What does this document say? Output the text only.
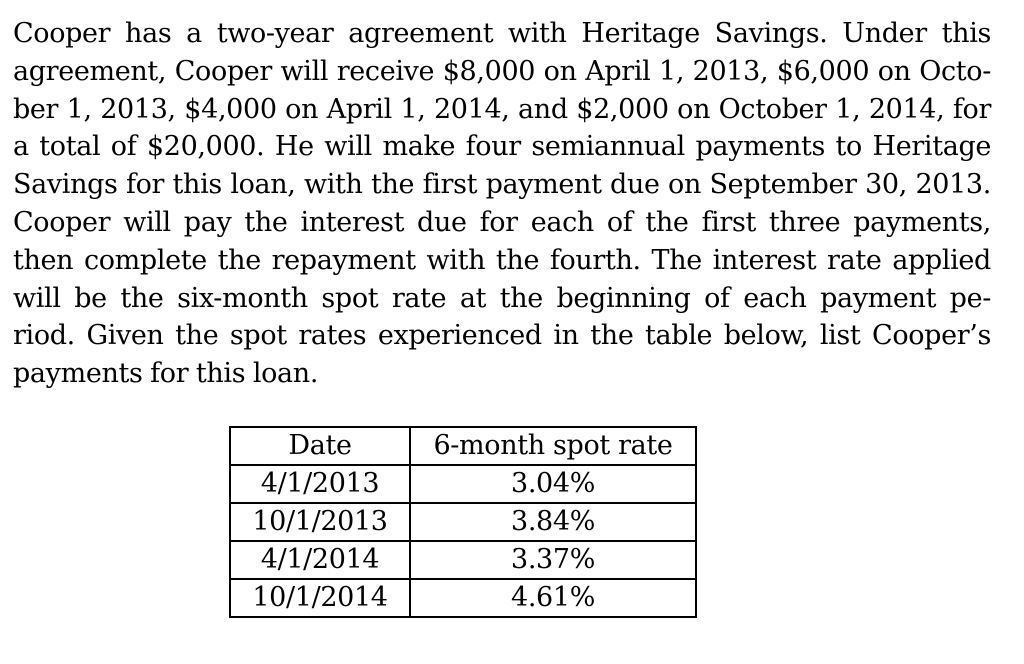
Cooper has a two-year agreement with Heritage Savings. Under this
agreement, Cooper will receive $8,000 on April 1, 2013, $6,000 on Octo-
ber 1, 2013, $4,000 on April 1, 2014, and $2,000 on October 1, 2014, for
a total of $20,000. He will make four semiannual payments to Heritage
Savings for this loan, with the first payment due on September 30, 2013.
Cooper will pay the interest due for each of the first three payments,
then complete the repayment with the fourth. The interest rate applied
will be the six-month spot rate at the beginning of each payment pe-
riod. Given the spot rates experienced in the table below, list Cooper’s
payments for this loan.
Date	6-month spot rate
4/1/2013	3.04%
10/1/2013	3.84%
4/1/2014	3.37%
10/1/2014	4.61%
